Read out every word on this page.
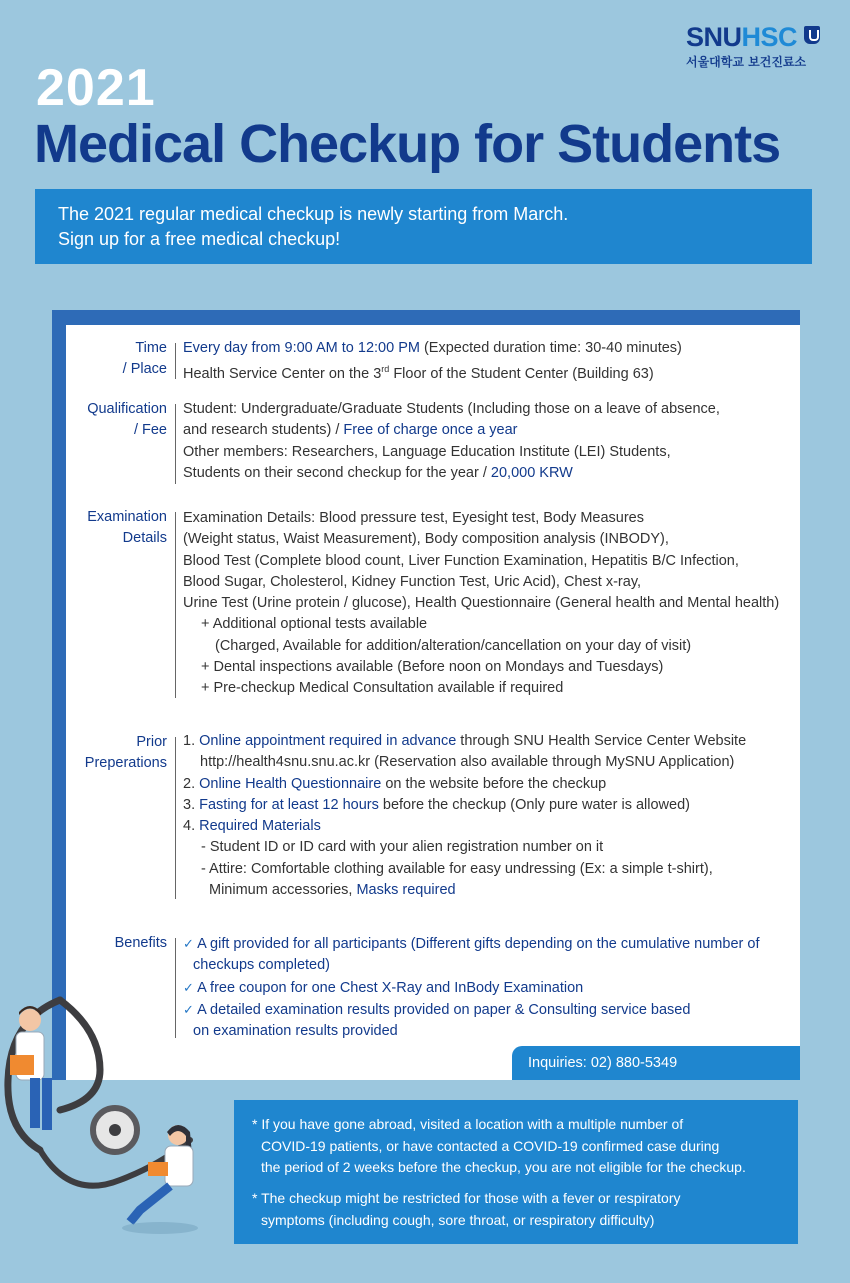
SNUHSC
서울대학교 보건진료소
2021
Medical Checkup for Students
The 2021 regular medical checkup is newly starting from March.
Sign up for a free medical checkup!
Time
/ Place
Every day from 9:00 AM to 12:00 PM (Expected duration time: 30-40 minutes)
Health Service Center on the 3rd Floor of the Student Center (Building 63)
Qualification
/ Fee
Student: Undergraduate/Graduate Students (Including those on a leave of absence,
and research students) / Free of charge once a year
Other members: Researchers, Language Education Institute (LEI) Students,
Students on their second checkup for the year / 20,000 KRW
Examination
Details
Examination Details: Blood pressure test, Eyesight test, Body Measures
(Weight status, Waist Measurement), Body composition analysis (INBODY),
Blood Test (Complete blood count, Liver Function Examination, Hepatitis B/C Infection,
Blood Sugar, Cholesterol, Kidney Function Test, Uric Acid), Chest x-ray,
Urine Test (Urine protein / glucose), Health Questionnaire (General health and Mental health)
+ Additional optional tests available
(Charged, Available for addition/alteration/cancellation on your day of visit)
+ Dental inspections available (Before noon on Mondays and Tuesdays)
+ Pre-checkup Medical Consultation available if required
Prior
Preperations
1. Online appointment required in advance through SNU Health Service Center Website
http://health4snu.snu.ac.kr (Reservation also available through MySNU Application)
2. Online Health Questionnaire on the website before the checkup
3. Fasting for at least 12 hours before the checkup (Only pure water is allowed)
4. Required Materials
- Student ID or ID card with your alien registration number on it
- Attire: Comfortable clothing available for easy undressing (Ex: a simple t-shirt),
Minimum accessories, Masks required
Benefits ✓ A gift provided for all participants (Different gifts depending on the cumulative number of
checkups completed)
✓ A free coupon for one Chest X-Ray and InBody Examination
✓ A detailed examination results provided on paper & Consulting service based
on examination results provided
Inquiries: 02) 880-5349
* If you have gone abroad, visited a location with a multiple number of
COVID-19 patients, or have contacted a COVID-19 confirmed case during
the period of 2 weeks before the checkup, you are not eligible for the checkup.
* The checkup might be restricted for those with a fever or respiratory
symptoms (including cough, sore throat, or respiratory difficulty)
